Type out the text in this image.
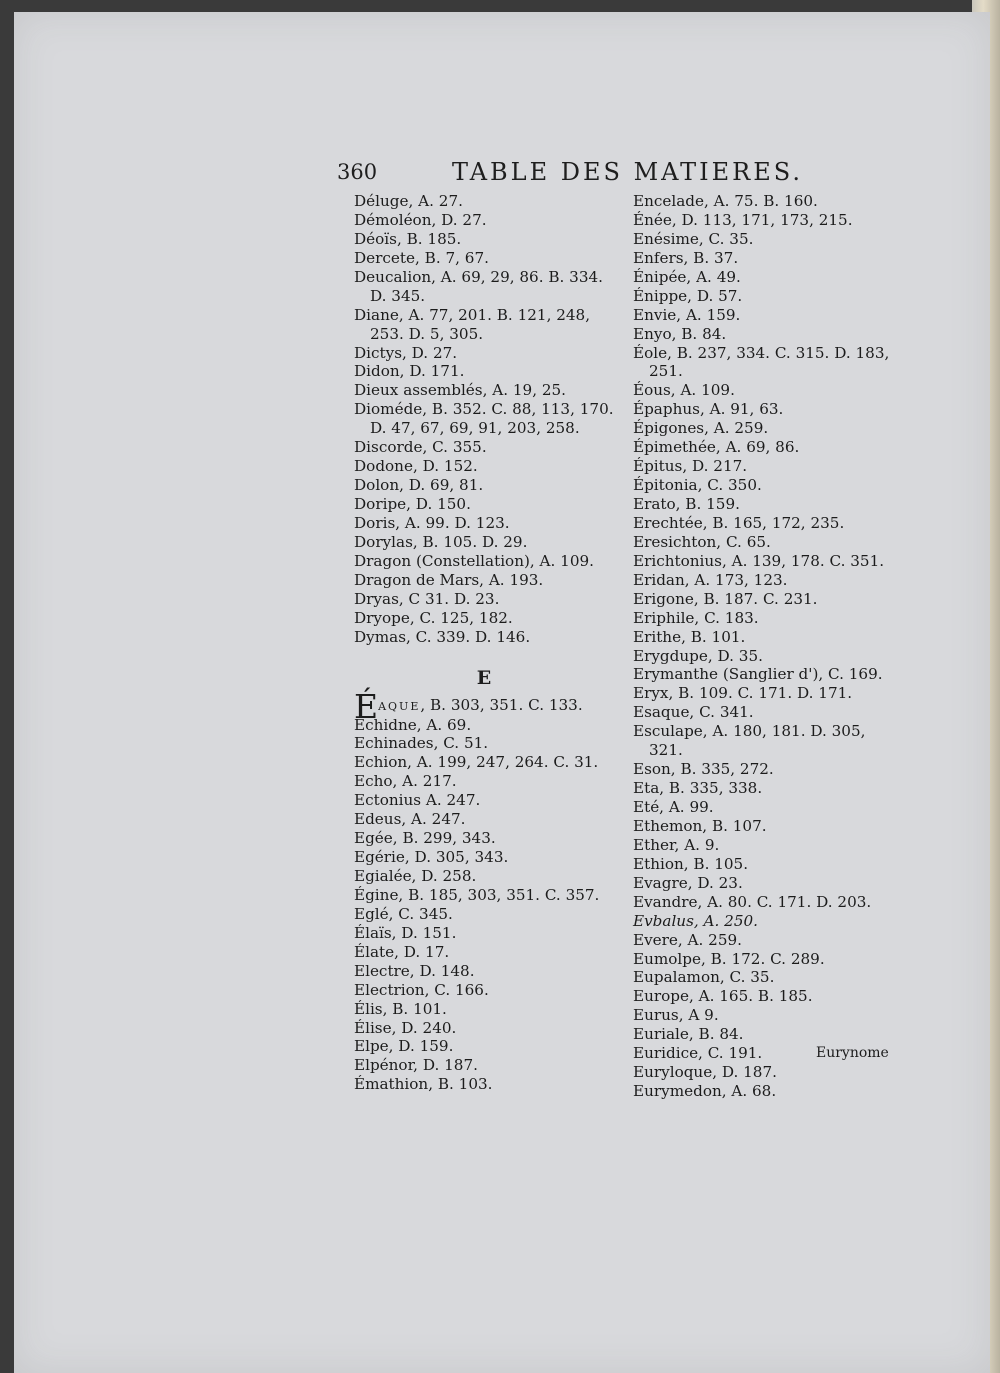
360	TABLE DES MATIERES.
Déluge, A. 27.
Démoléon, D. 27.
Déoïs, B. 185.
Dercete, B. 7, 67.
Deucalion, A. 69, 29, 86. B. 334.
D. 345.
Diane, A. 77, 201. B. 121, 248,
253. D. 5, 305.
Dictys, D. 27.
Didon, D. 171.
Dieux assemblés, A. 19, 25.
Dioméde, B. 352. C. 88, 113, 170.
D. 47, 67, 69, 91, 203, 258.
Discorde, C. 355.
Dodone, D. 152.
Dolon, D. 69, 81.
Doripe, D. 150.
Doris, A. 99. D. 123.
Dorylas, B. 105. D. 29.
Dragon (Constellation), A. 109.
Dragon de Mars, A. 193.
Dryas, C 31. D. 23.
Dryope, C. 125, 182.
Dymas, C. 339. D. 146.
E
ÉAQUE, B. 303, 351. C. 133.
Echidne, A. 69.
Echinades, C. 51.
Echion, A. 199, 247, 264. C. 31.
Echo, A. 217.
Ectonius A. 247.
Edeus, A. 247.
Egée, B. 299, 343.
Egérie, D. 305, 343.
Egialée, D. 258.
Égine, B. 185, 303, 351. C. 357.
Eglé, C. 345.
Élaïs, D. 151.
Élate, D. 17.
Electre, D. 148.
Electrion, C. 166.
Élis, B. 101.
Élise, D. 240.
Elpe, D. 159.
Elpénor, D. 187.
Émathion, B. 103.
Encelade, A. 75. B. 160.
Énée, D. 113, 171, 173, 215.
Enésime, C. 35.
Enfers, B. 37.
Énipée, A. 49.
Énippe, D. 57.
Envie, A. 159.
Enyo, B. 84.
Éole, B. 237, 334. C. 315. D. 183,
251.
Éous, A. 109.
Épaphus, A. 91, 63.
Épigones, A. 259.
Épimethée, A. 69, 86.
Épitus, D. 217.
Épitonia, C. 350.
Erato, B. 159.
Erechtée, B. 165, 172, 235.
Eresichton, C. 65.
Erichtonius, A. 139, 178. C. 351.
Eridan, A. 173, 123.
Erigone, B. 187. C. 231.
Eriphile, C. 183.
Erithe, B. 101.
Erygdupe, D. 35.
Erymanthe (Sanglier d'), C. 169.
Eryx, B. 109. C. 171. D. 171.
Esaque, C. 341.
Esculape, A. 180, 181. D. 305,
321.
Eson, B. 335, 272.
Eta, B. 335, 338.
Eté, A. 99.
Ethemon, B. 107.
Ether, A. 9.
Ethion, B. 105.
Evagre, D. 23.
Evandre, A. 80. C. 171. D. 203.
Evbalus, A. 250.
Evere, A. 259.
Eumolpe, B. 172. C. 289.
Eupalamon, C. 35.
Europe, A. 165. B. 185.
Eurus, A 9.
Euriale, B. 84.
Euridice, C. 191.
Euryloque, D. 187.
Eurymedon, A. 68.
Eurynome
